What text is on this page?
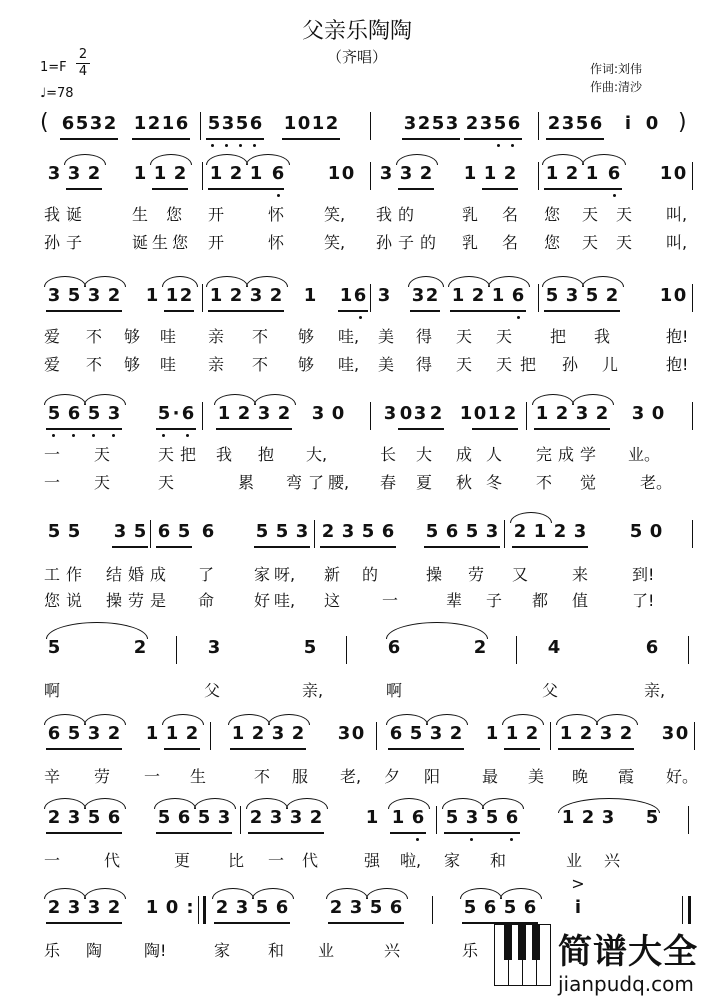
父亲乐陶陶
（齐唱）
1=F
2
4
♩=78
作词:刘伟
作曲:清沙
( 6 5 3 2 1 2 1 6 5 3 5 6 1 0 1 2	3 2 5 3 2 3 5 6 2 3 5 6 i 0 )
3 3 2 1 1 2 1 2 1 6 1 0 3 3 2 1 1 2 1 2 1 6 1 0
我 诞	生 您 开	怀	笑, 我 的	乳 名 您 天 天 叫,
孙 子	诞 生 您 开	怀	笑, 孙 子 的 乳 名 您 天 天 叫,
3 5 3 2 1 1 2 1 2 3 2 1 1 6 3 3 2 1 2 1 6 5 3 5 2 1 0
爱 不 够 哇 亲 不 够 哇, 美 得 天 天 把 我	抱!
爱 不 够 哇 亲 不 够 哇, 美 得 天 天 把 孙 儿	抱!
5 6 5 3 5 · 6 1 2 3 2 3 0 3 0 3 2 1 0 1 2 1 2 3 2 3 0
一 天	天 把 我 抱 大,	长 大 成 人 完 成 学 业。
一 天	天	累 弯 了 腰, 春 夏 秋 冬 不 觉	老。
5 5 3 5 6 5 6 5 5 3 2 3 5 6 5 6 5 3 2 1 2 3 5 0
工 作 结 婚 成 了 家 呀, 新 的	操 劳 又	来	到!
您 说 操 劳 是 命 好 哇, 这	一	辈 子 都 值	了!
5	2	3	5	6	2	4	6
啊	父	亲,	啊	父	亲,
6 5 3 2 1 1 2 1 2 3 2 3 0 6 5 3 2 1 1 2 1 2 3 2 3 0
辛 劳 一 生	不 服 老, 夕 阳	最 美 晚 霞 好。
2 3 5 6 5 6 5 3 2 3 3 2 1 1 6 5 3 5 6 1 2 3 5
一	代	更 比 一 代	强 啦, 家 和	业 兴
2 3 3 2 1 0 : 2 3 5 6 2 3 5 6	5 6 5 6 i
>
乐 陶	陶!	家 和 业	兴	乐 简谱大全
jianpudq.com
